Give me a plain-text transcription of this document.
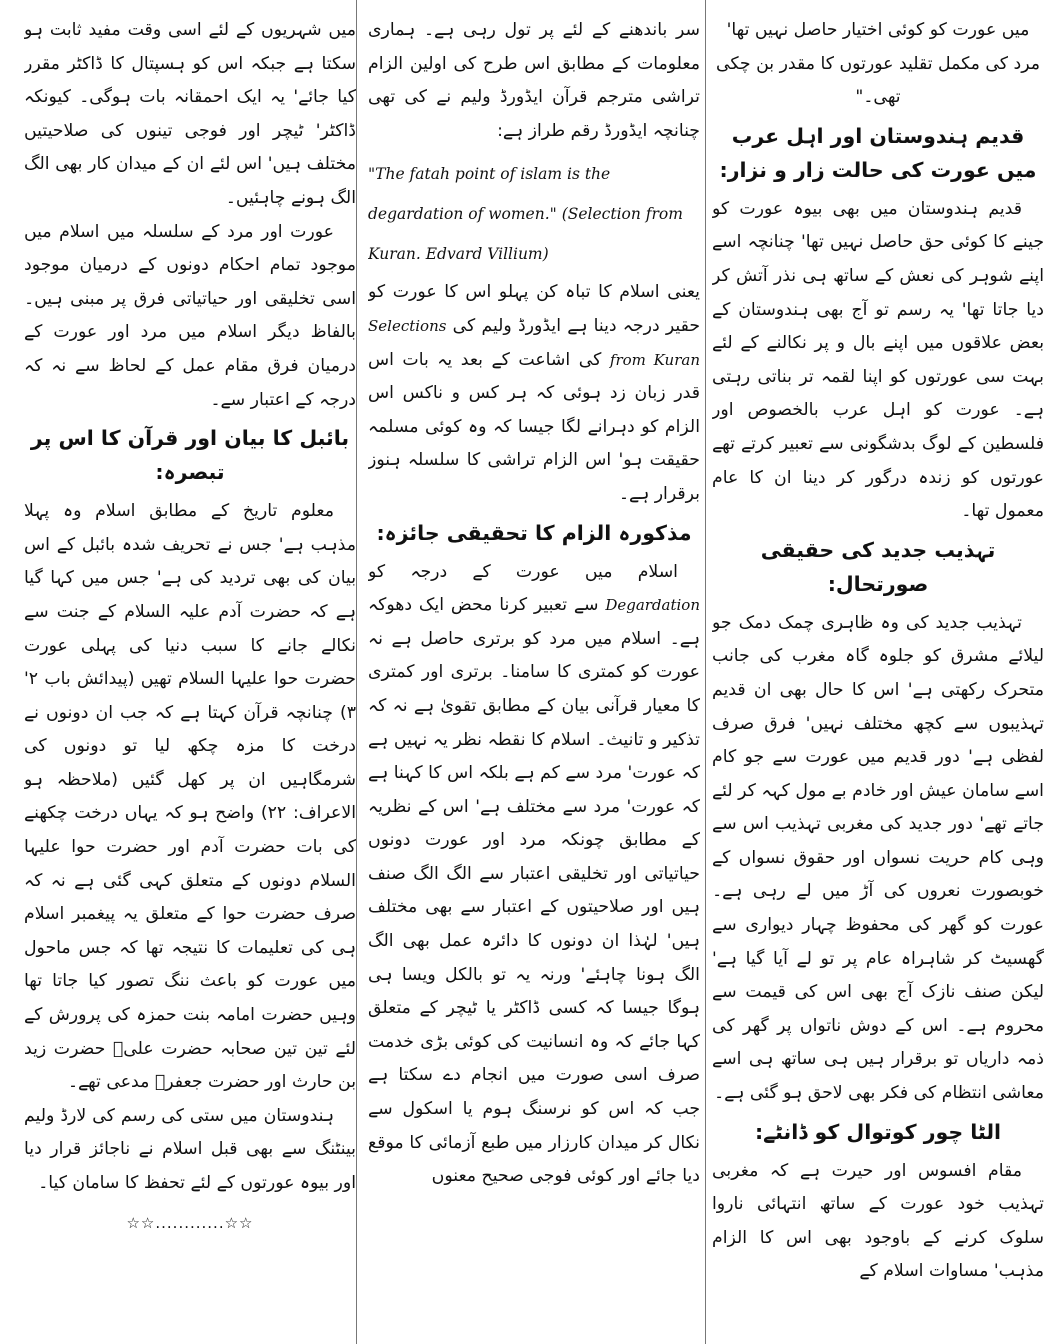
میں عورت کو کوئی اختیار حاصل نہیں تھا' مرد کی مکمل تقلید عورتوں کا مقدر بن چکی تھی۔"

قدیم ہندوستان اور اہل عرب میں عورت کی حالت زار و نزار:

قدیم ہندوستان میں بھی بیوہ عورت کو جینے کا کوئی حق حاصل نہیں تھا' چنانچہ اسے اپنے شوہر کی نعش کے ساتھ ہی نذر آتش کر دیا جاتا تھا' یہ رسم تو آج بھی ہندوستان کے بعض علاقوں میں اپنے بال و پر نکالنے کے لئے بہت سی عورتوں کو اپنا لقمہ تر بناتی رہتی ہے۔ عورت کو اہل عرب بالخصوص اور فلسطین کے لوگ بدشگونی سے تعبیر کرتے تھے عورتوں کو زندہ درگور کر دینا ان کا عام معمول تھا۔

تہذیب جدید کی حقیقی صورتحال:

تہذیب جدید کی وہ ظاہری چمک دمک جو لیلائے مشرق کو جلوہ گاہ مغرب کی جانب متحرک رکھتی ہے' اس کا حال بھی ان قدیم تہذیبوں سے کچھ مختلف نہیں' فرق صرف لفظی ہے' دور قدیم میں عورت سے جو کام اسے سامان عیش اور خادم بے مول کہہ کر لئے جاتے تھے' دور جدید کی مغربی تہذیب اس سے وہی کام حریت نسواں اور حقوق نسواں کے خوبصورت نعروں کی آڑ میں لے رہی ہے۔ عورت کو گھر کی محفوظ چہار دیواری سے گھسیٹ کر شاہراہ عام پر تو لے آیا گیا ہے' لیکن صنف نازک آج بھی اس کی قیمت سے محروم ہے۔ اس کے دوش ناتواں پر گھر کی ذمہ داریاں تو برقرار ہیں ہی ساتھ ہی اسے معاشی انتظام کی فکر بھی لاحق ہو گئی ہے۔

الٹا چور کوتوال کو ڈانٹے:

مقام افسوس اور حیرت ہے کہ مغربی تہذیب خود عورت کے ساتھ انتہائی ناروا سلوک کرنے کے باوجود بھی اس کا الزام مذہب' مساوات اسلام کے

سر باندھنے کے لئے پر تول رہی ہے۔ ہماری معلومات کے مطابق اس طرح کی اولین الزام تراشی مترجم قرآن ایڈورڈ ولیم نے کی تھی چنانچہ ایڈورڈ رقم طراز ہے:

"The fatah point of islam is the degardation of women." (Selection from Kuran. Edvard Villium)

یعنی اسلام کا تباہ کن پہلو اس کا عورت کو حقیر درجہ دینا ہے ایڈورڈ ولیم کی Selections from Kuran کی اشاعت کے بعد یہ بات اس قدر زبان زد ہوئی کہ ہر کس و ناکس اس الزام کو دہرانے لگا جیسا کہ وہ کوئی مسلمہ حقیقت ہو' اس الزام تراشی کا سلسلہ ہنوز برقرار ہے۔

مذکورہ الزام کا تحقیقی جائزہ:

اسلام میں عورت کے درجہ کو Degardation سے تعبیر کرنا محض ایک دھوکہ ہے۔ اسلام میں مرد کو برتری حاصل ہے نہ عورت کو کمتری کا سامنا۔ برتری اور کمتری کا معیار قرآنی بیان کے مطابق تقویٰ ہے نہ کہ تذکیر و تانیث۔ اسلام کا نقطہ نظر یہ نہیں ہے کہ عورت' مرد سے کم ہے بلکہ اس کا کہنا ہے کہ عورت' مرد سے مختلف ہے' اس کے نظریہ کے مطابق چونکہ مرد اور عورت دونوں حیاتیاتی اور تخلیقی اعتبار سے الگ الگ صنف ہیں اور صلاحیتوں کے اعتبار سے بھی مختلف ہیں' لہٰذا ان دونوں کا دائرہ عمل بھی الگ الگ ہونا چاہئے' ورنہ یہ تو بالکل ویسا ہی ہوگا جیسا کہ کسی ڈاکٹر یا ٹیچر کے متعلق کہا جائے کہ وہ انسانیت کی کوئی بڑی خدمت صرف اسی صورت میں انجام دے سکتا ہے جب کہ اس کو نرسنگ ہوم یا اسکول سے نکال کر میدان کارزار میں طبع آزمائی کا موقع دیا جائے اور کوئی فوجی صحیح معنوں

میں شہریوں کے لئے اسی وقت مفید ثابت ہو سکتا ہے جبکہ اس کو ہسپتال کا ڈاکٹر مقرر کیا جائے' یہ ایک احمقانہ بات ہوگی۔ کیونکہ ڈاکٹر' ٹیچر اور فوجی تینوں کی صلاحیتیں مختلف ہیں' اس لئے ان کے میدان کار بھی الگ الگ ہونے چاہئیں۔

عورت اور مرد کے سلسلہ میں اسلام میں موجود تمام احکام دونوں کے درمیان موجود اسی تخلیقی اور حیاتیاتی فرق پر مبنی ہیں۔ بالفاظ دیگر اسلام میں مرد اور عورت کے درمیان فرق مقام عمل کے لحاظ سے نہ کہ درجہ کے اعتبار سے۔

بائبل کا بیان اور قرآن کا اس پر تبصرہ:

معلوم تاریخ کے مطابق اسلام وہ پہلا مذہب ہے' جس نے تحریف شدہ بائبل کے اس بیان کی بھی تردید کی ہے' جس میں کہا گیا ہے کہ حضرت آدم علیہ السلام کے جنت سے نکالے جانے کا سبب دنیا کی پہلی عورت حضرت حوا علیہا السلام تھیں (پیدائش باب ۲' ۳) چنانچہ قرآن کہتا ہے کہ جب ان دونوں نے درخت کا مزہ چکھ لیا تو دونوں کی شرمگاہیں ان پر کھل گئیں (ملاحظہ ہو الاعراف: ۲۲) واضح ہو کہ یہاں درخت چکھنے کی بات حضرت آدم اور حضرت حوا علیہا السلام دونوں کے متعلق کہی گئی ہے نہ کہ صرف حضرت حوا کے متعلق یہ پیغمبر اسلام ہی کی تعلیمات کا نتیجہ تھا کہ جس ماحول میں عورت کو باعث ننگ تصور کیا جاتا تھا وہیں حضرت امامہ بنت حمزہ کی پرورش کے لئے تین تین صحابہ حضرت علیؓ حضرت زید بن حارث اور حضرت جعفرؓ مدعی تھے۔

ہندوستان میں ستی کی رسم کی لارڈ ولیم بینٹنگ سے بھی قبل اسلام نے ناجائز قرار دیا اور بیوہ عورتوں کے لئے تحفظ کا سامان کیا۔

☆☆............☆☆
